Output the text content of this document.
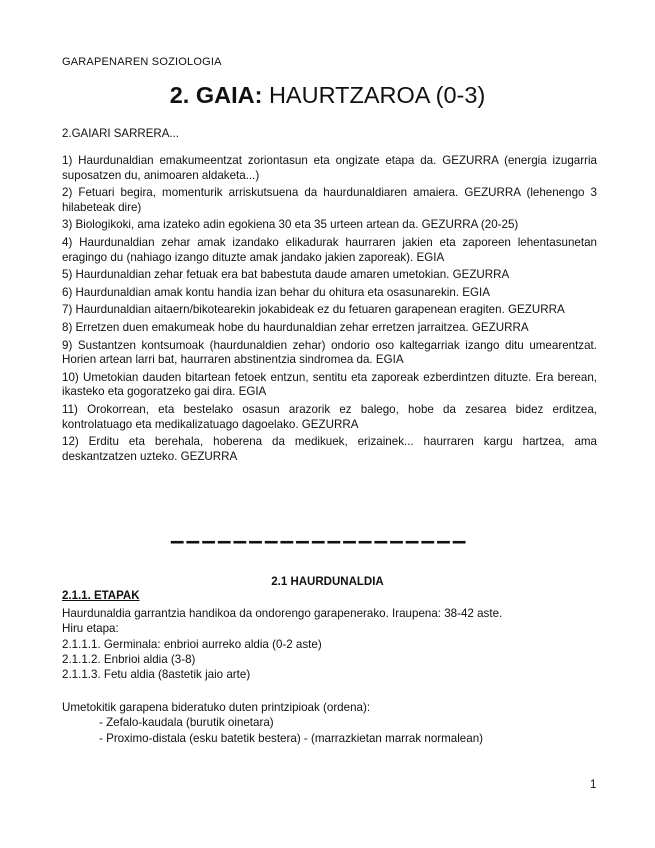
GARAPENAREN SOZIOLOGIA
2. GAIA: HAURTZAROA (0-3)
2.GAIARI SARRERA...

1) Haurdunaldian emakumeentzat zoriontasun eta ongizate etapa da. GEZURRA (energia izugarria suposatzen du, animoaren aldaketa...)

2) Fetuari begira, momenturik arriskutsuena da haurdunaldiaren amaiera. GEZURRA (lehenengo 3 hilabeteak dire)

3) Biologikoki, ama izateko adin egokiena 30 eta 35 urteen artean da. GEZURRA (20-25)

4) Haurdunaldian zehar amak izandako elikadurak haurraren jakien eta zaporeen lehentasunetan eragingo du (nahiago izango dituzte amak jandako jakien zaporeak). EGIA

5) Haurdunaldian zehar fetuak era bat babestuta daude amaren umetokian. GEZURRA

6) Haurdunaldian amak kontu handia izan behar du ohitura eta osasunarekin. EGIA

7) Haurdunaldian aitaern/bikotearekin jokabideak ez du fetuaren garapenean eragiten. GEZURRA

8) Erretzen duen emakumeak hobe du haurdunaldian zehar erretzen jarraitzea. GEZURRA

9) Sustantzen kontsumoak (haurdunaldien zehar) ondorio oso kaltegarriak izango ditu umearentzat. Horien artean larri bat, haurraren abstinentzia sindromea da. EGIA

10) Umetokian dauden bitartean fetoek entzun, sentitu eta zaporeak ezberdintzen dituzte. Era berean, ikasteko eta gogoratzeko gai dira. EGIA

11) Orokorrean, eta bestelako osasun arazorik ez balego, hobe da zesarea bidez erditzea, kontrolatuago eta medikalizatuago dagoelako. GEZURRA

12) Erditu eta berehala, hoberena da medikuek, erizainek... haurraren kargu hartzea, ama deskantzatzen uzteko. GEZURRA

–––––––––––––––––––
2.1 HAURDUNALDIA
2.1.1. ETAPAK
Haurdunaldia garrantzia handikoa da ondorengo garapenerako. Iraupena: 38-42 aste.
Hiru etapa:
2.1.1.1. Germinala: enbrioi aurreko aldia (0-2 aste)
2.1.1.2. Enbrioi aldia (3-8)
2.1.1.3. Fetu aldia (8astetik jaio arte)
Umetokitik garapena bideratuko duten printzipioak (ordena):
- Zefalo-kaudala (burutik oinetara)
- Proximo-distala (esku batetik bestera) - (marrazkietan marrak normalean)
1
